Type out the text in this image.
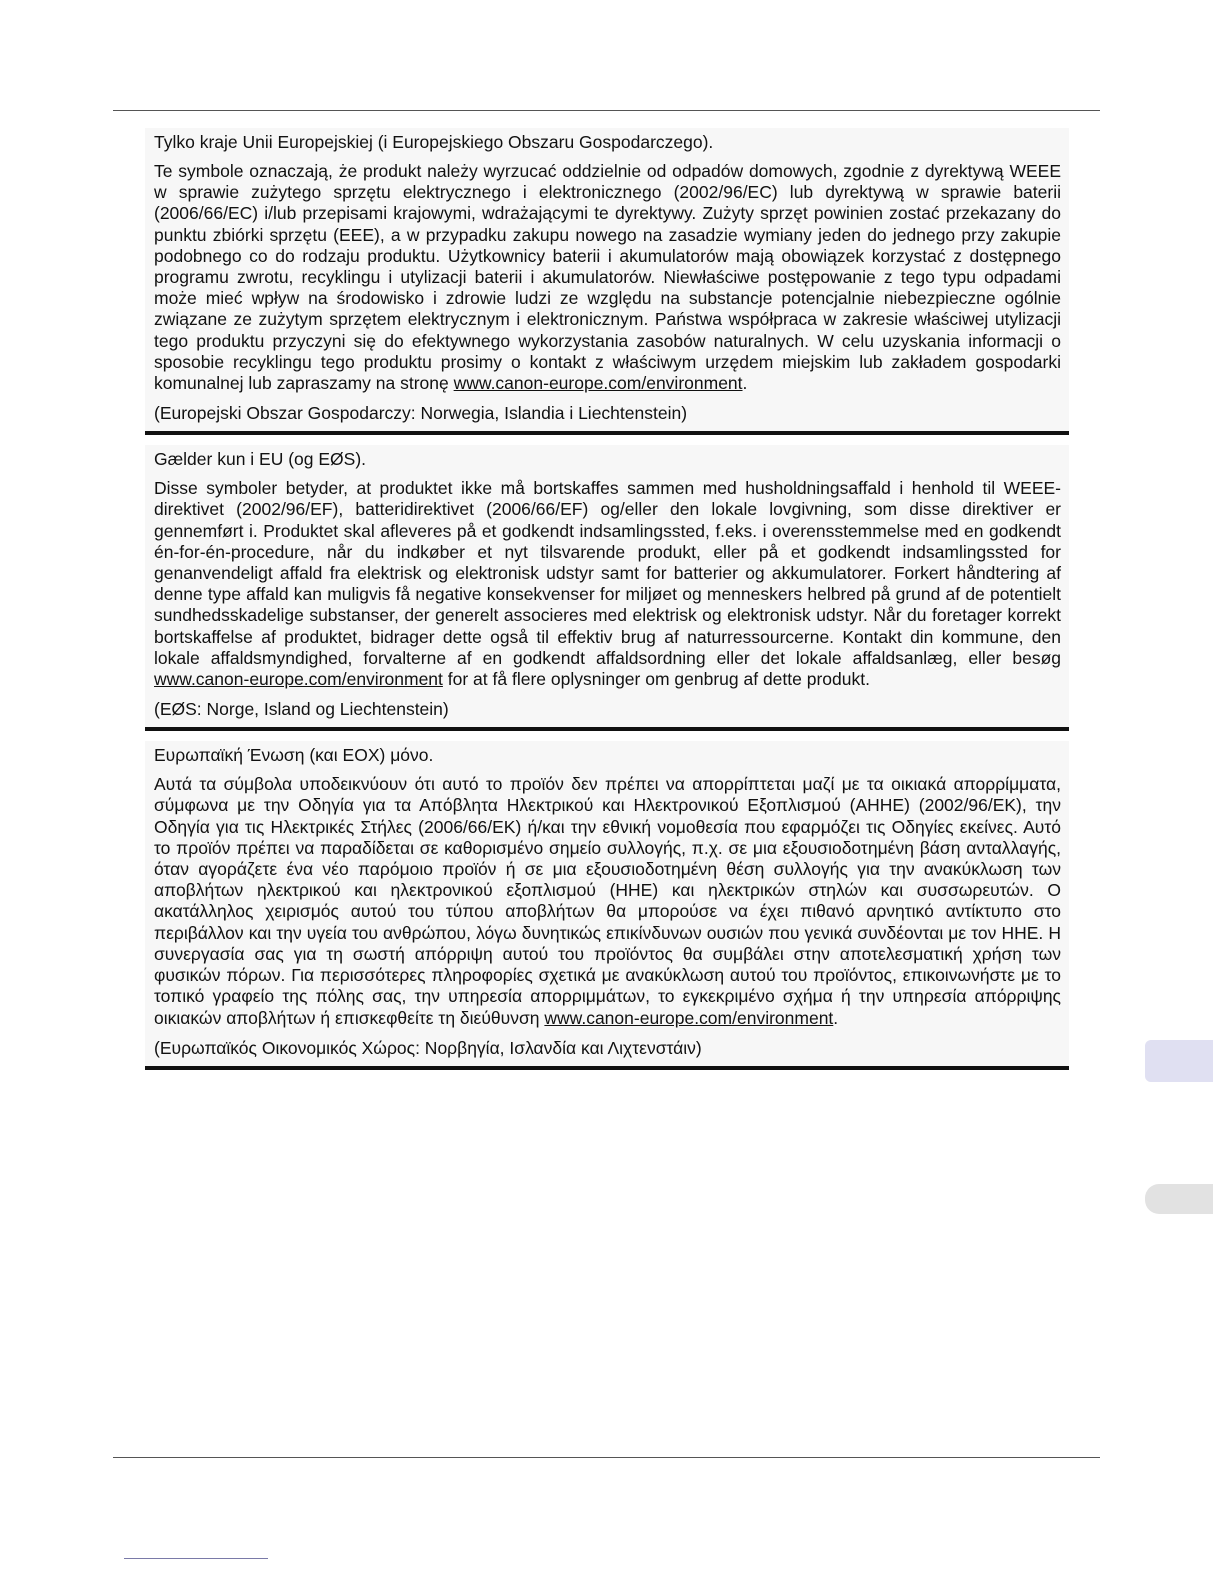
Tylko kraje Unii Europejskiej (i Europejskiego Obszaru Gospodarczego).

Te symbole oznaczają, że produkt należy wyrzucać oddzielnie od odpadów domowych, zgodnie z dyrektywą WEEE w sprawie zużytego sprzętu elektrycznego i elektronicznego (2002/96/EC) lub dyrektywą w sprawie baterii (2006/66/EC) i/lub przepisami krajowymi, wdrażającymi te dyrektywy. Zużyty sprzęt powinien zostać przekazany do punktu zbiórki sprzętu (EEE), a w przypadku zakupu nowego na zasadzie wymiany jeden do jednego przy zakupie podobnego co do rodzaju produktu. Użytkownicy baterii i akumulatorów mają obowiązek korzystać z dostępnego programu zwrotu, recyklingu i utylizacji baterii i akumulatorów. Niewłaściwe postępowanie z tego typu odpadami może mieć wpływ na środowisko i zdrowie ludzi ze względu na substancje potencjalnie niebezpieczne ogólnie związane ze zużytym sprzętem elektrycznym i elektronicznym. Państwa współpraca w zakresie właściwej utylizacji tego produktu przyczyni się do efektywnego wykorzystania zasobów naturalnych. W celu uzyskania informacji o sposobie recyklingu tego produktu prosimy o kontakt z właściwym urzędem miejskim lub zakładem gospodarki komunalnej lub zapraszamy na stronę www.canon-europe.com/environment.

(Europejski Obszar Gospodarczy: Norwegia, Islandia i Liechtenstein)
Gælder kun i EU (og EØS).

Disse symboler betyder, at produktet ikke må bortskaffes sammen med husholdningsaffald i henhold til WEEE-direktivet (2002/96/EF), batteridirektivet (2006/66/EF) og/eller den lokale lovgivning, som disse direktiver er gennemført i. Produktet skal afleveres på et godkendt indsamlingssted, f.eks. i overensstemmelse med en godkendt én-for-én-procedure, når du indkøber et nyt tilsvarende produkt, eller på et godkendt indsamlingssted for genanvendeligt affald fra elektrisk og elektronisk udstyr samt for batterier og akkumulatorer. Forkert håndtering af denne type affald kan muligvis få negative konsekvenser for miljøet og menneskers helbred på grund af de potentielt sundhedsskadelige substanser, der generelt associeres med elektrisk og elektronisk udstyr. Når du foretager korrekt bortskaffelse af produktet, bidrager dette også til effektiv brug af naturressourcerne. Kontakt din kommune, den lokale affaldsmyndighed, forvalterne af en godkendt affaldsordning eller det lokale affaldsanlæg, eller besøg www.canon-europe.com/environment for at få flere oplysninger om genbrug af dette produkt.

(EØS: Norge, Island og Liechtenstein)
Ευρωπαϊκή Ένωση (και ΕΟΧ) μόνο.

Αυτά τα σύμβολα υποδεικνύουν ότι αυτό το προϊόν δεν πρέπει να απορρίπτεται μαζί με τα οικιακά απορρίμματα, σύμφωνα με την Οδηγία για τα Απόβλητα Ηλεκτρικού και Ηλεκτρονικού Εξοπλισμού (ΑΗΗΕ) (2002/96/ΕΚ), την Οδηγία για τις Ηλεκτρικές Στήλες (2006/66/ΕΚ) ή/και την εθνική νομοθεσία που εφαρμόζει τις Οδηγίες εκείνες. Αυτό το προϊόν πρέπει να παραδίδεται σε καθορισμένο σημείο συλλογής, π.χ. σε μια εξουσιοδοτημένη βάση ανταλλαγής, όταν αγοράζετε ένα νέο παρόμοιο προϊόν ή σε μια εξουσιοδοτημένη θέση συλλογής για την ανακύκλωση των αποβλήτων ηλεκτρικού και ηλεκτρονικού εξοπλισμού (ΗΗΕ) και ηλεκτρικών στηλών και συσσωρευτών. Ο ακατάλληλος χειρισμός αυτού του τύπου αποβλήτων θα μπορούσε να έχει πιθανό αρνητικό αντίκτυπο στο περιβάλλον και την υγεία του ανθρώπου, λόγω δυνητικώς επικίνδυνων ουσιών που γενικά συνδέονται με τον ΗΗΕ. Η συνεργασία σας για τη σωστή απόρριψη αυτού του προϊόντος θα συμβάλει στην αποτελεσματική χρήση των φυσικών πόρων. Για περισσότερες πληροφορίες σχετικά με ανακύκλωση αυτού του προϊόντος, επικοινωνήστε με το τοπικό γραφείο της πόλης σας, την υπηρεσία απορριμμάτων, το εγκεκριμένο σχήμα ή την υπηρεσία απόρριψης οικιακών αποβλήτων ή επισκεφθείτε τη διεύθυνση www.canon-europe.com/environment.

(Ευρωπαϊκός Οικονομικός Χώρος: Νορβηγία, Ισλανδία και Λιχτενστάιν)
